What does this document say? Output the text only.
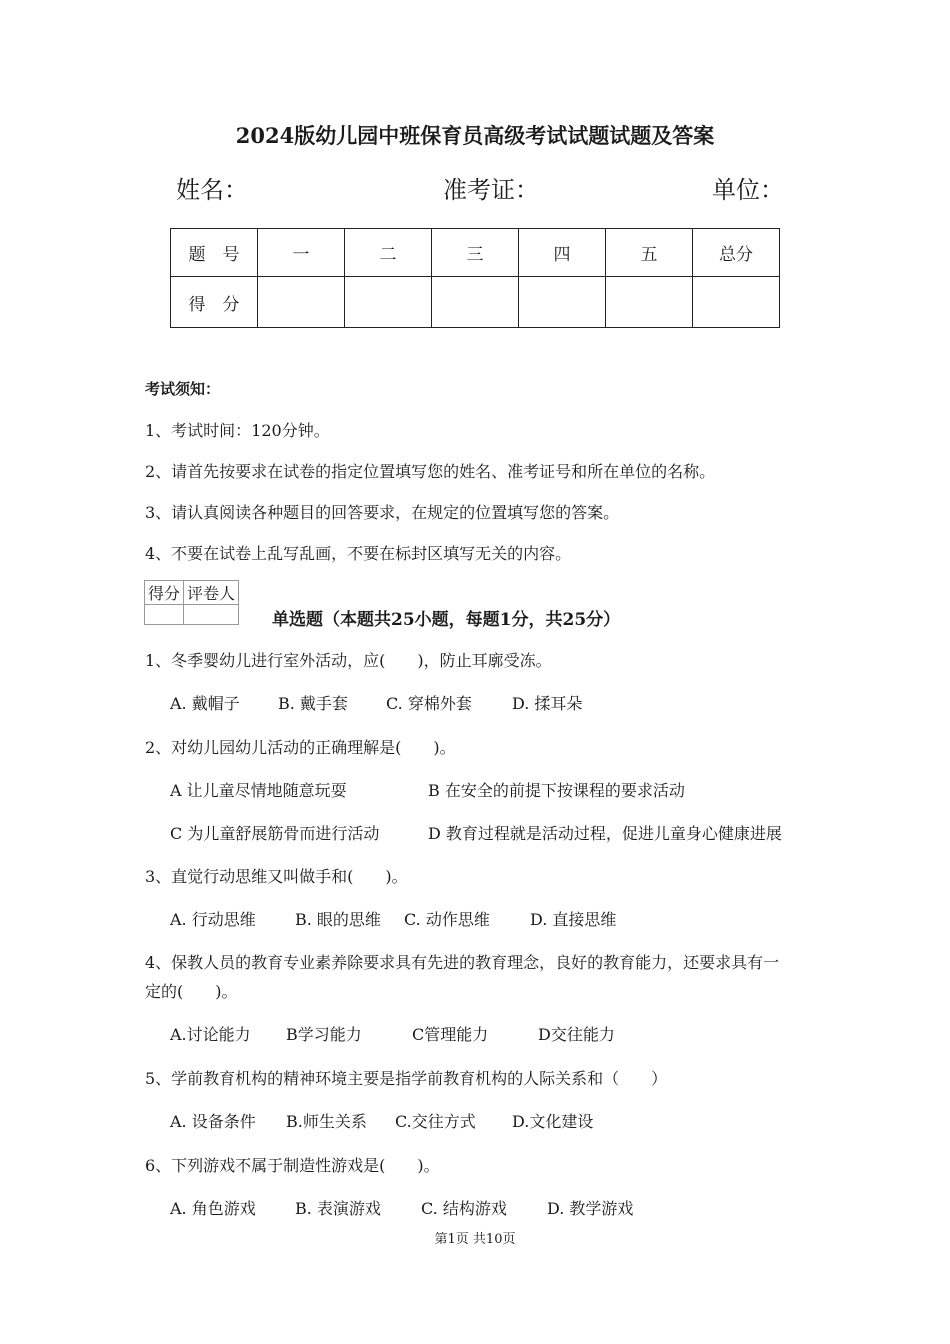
2024版幼儿园中班保育员高级考试试题试题及答案
姓名：	准考证：	单位：
题　号	一	二	三	四	五	总分
得　分						
考试须知：
1、考试时间：120分钟。
2、请首先按要求在试卷的指定位置填写您的姓名、准考证号和所在单位的名称。
3、请认真阅读各种题目的回答要求，在规定的位置填写您的答案。
4、不要在试卷上乱写乱画，不要在标封区填写无关的内容。
得分	评卷人

单选题（本题共25小题，每题1分，共25分）
1、冬季婴幼儿进行室外活动，应(　　)，防止耳廓受冻。
A. 戴帽子 B. 戴手套 C. 穿棉外套	D. 揉耳朵
2、对幼儿园幼儿活动的正确理解是(　　)。
A 让儿童尽情地随意玩耍	B 在安全的前提下按课程的要求活动
C 为儿童舒展筋骨而进行活动	D 教育过程就是活动过程，促进儿童身心健康进展
3、直觉行动思维又叫做手和(　　)。
A. 行动思维 B. 眼的思维 C. 动作思维	D. 直接思维
4、保教人员的教育专业素养除要求具有先进的教育理念，良好的教育能力，还要求具有一
定的(　　)。
A.讨论能力 B学习能力	C管理能力	D交往能力
5、学前教育机构的精神环境主要是指学前教育机构的人际关系和（　　）
A. 设备条件 B.师生关系 C.交往方式 D.文化建设
6、下列游戏不属于制造性游戏是(　　)。
A. 角色游戏 B. 表演游戏	C. 结构游戏	D. 教学游戏
第1页 共10页
